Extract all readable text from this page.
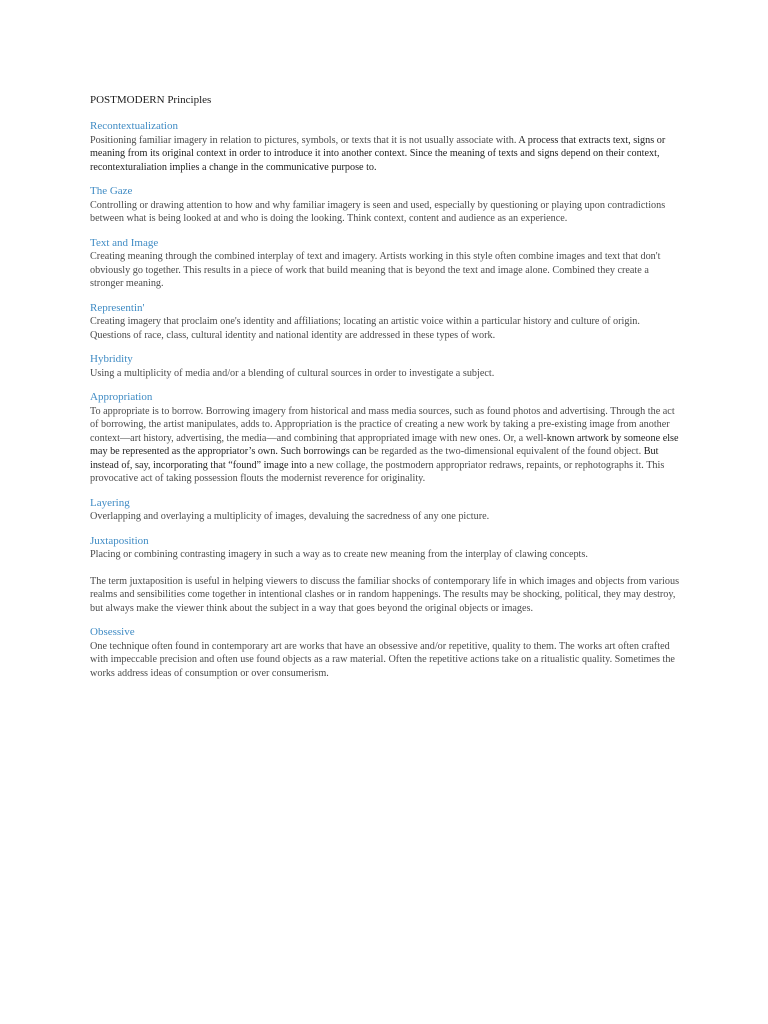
POSTMODERN Principles

Recontextualization

Positioning familiar imagery in relation to pictures, symbols, or texts that it is not usually associate with. A process that extracts text, signs or meaning from its original context in order to introduce it into another context. Since the meaning of texts and signs depend on their context, recontexturaliation implies a change in the communicative purpose to.

The Gaze

Controlling or drawing attention to how and why familiar imagery is seen and used, especially by questioning or playing upon contradictions between what is being looked at and who is doing the looking. Think context, content and audience as an experience.

Text and Image

Creating meaning through the combined interplay of text and imagery. Artists working in this style often combine images and text that don't obviously go together. This results in a piece of work that build meaning that is beyond the text and image alone. Combined they create a stronger meaning.

Representin'

Creating imagery that proclaim one's identity and affiliations; locating an artistic voice within a particular history and culture of origin. Questions of race, class, cultural identity and national identity are addressed in these types of work.

Hybridity

Using a multiplicity of media and/or a blending of cultural sources in order to investigate a subject.

Appropriation

To appropriate is to borrow. Borrowing imagery from historical and mass media sources, such as found photos and advertising. Through the act of borrowing, the artist manipulates, adds to. Appropriation is the practice of creating a new work by taking a pre-existing image from another context—art history, advertising, the media—and combining that appropriated image with new ones. Or, a well-known artwork by someone else may be represented as the appropriator’s own. Such borrowings can be regarded as the two-dimensional equivalent of the found object. But instead of, say, incorporating that “found” image into a new collage, the postmodern appropriator redraws, repaints, or rephotographs it. This provocative act of taking possession flouts the modernist reverence for originality.

Layering

Overlapping and overlaying a multiplicity of images, devaluing the sacredness of any one picture.

Juxtaposition

Placing or combining contrasting imagery in such a way as to create new meaning from the interplay of clawing concepts.

The term juxtaposition is useful in helping viewers to discuss the familiar shocks of contemporary life in which images and objects from various realms and sensibilities come together in intentional clashes or in random happenings. The results may be shocking, political, they may destroy, but always make the viewer think about the subject in a way that goes beyond the original objects or images.

Obsessive

One technique often found in contemporary art are works that have an obsessive and/or repetitive, quality to them. The works art often crafted with impeccable precision and often use found objects as a raw material. Often the repetitive actions take on a ritualistic quality. Sometimes the works address ideas of consumption or over consumerism.
